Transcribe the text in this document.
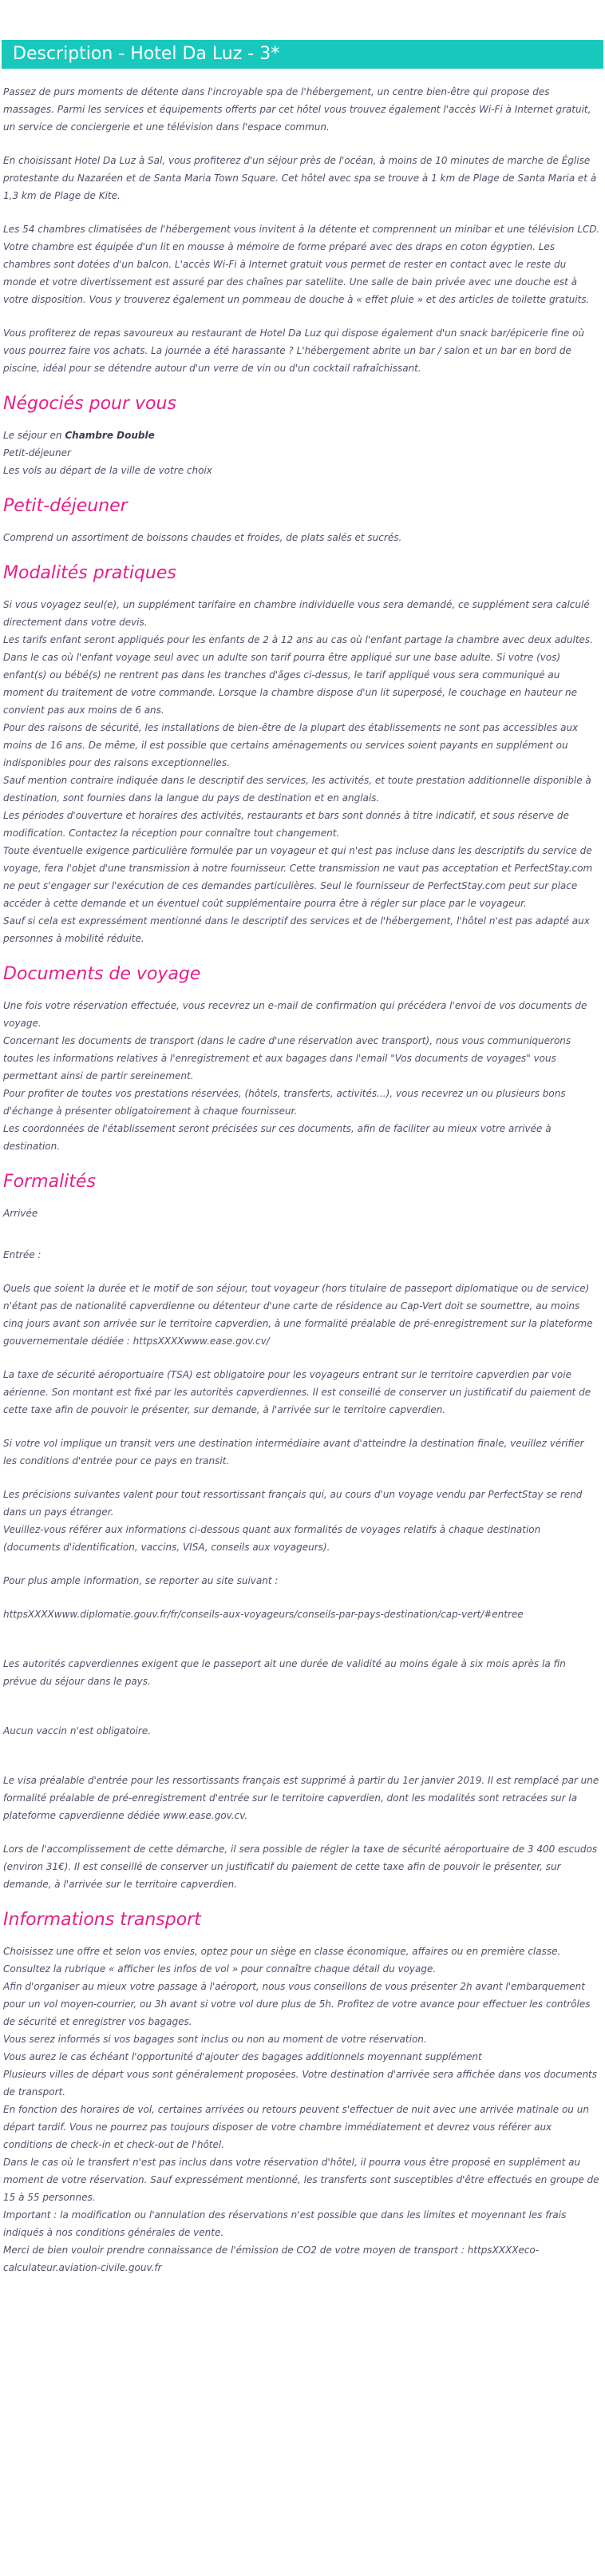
Description - Hotel Da Luz - 3*

Passez de purs moments de détente dans l'incroyable spa de l'hébergement, un centre bien-être qui propose des massages. Parmi les services et équipements offerts par cet hôtel vous trouvez également l'accès Wi-Fi à Internet gratuit, un service de conciergerie et une télévision dans l'espace commun.

En choisissant Hotel Da Luz à Sal, vous profiterez d'un séjour près de l'océan, à moins de 10 minutes de marche de Église protestante du Nazaréen et de Santa Maria Town Square. Cet hôtel avec spa se trouve à 1 km de Plage de Santa Maria et à 1,3 km de Plage de Kite.

Les 54 chambres climatisées de l'hébergement vous invitent à la détente et comprennent un minibar et une télévision LCD. Votre chambre est équipée d'un lit en mousse à mémoire de forme préparé avec des draps en coton égyptien. Les chambres sont dotées d'un balcon. L'accès Wi-Fi à Internet gratuit vous permet de rester en contact avec le reste du monde et votre divertissement est assuré par des chaînes par satellite. Une salle de bain privée avec une douche est à votre disposition. Vous y trouverez également un pommeau de douche à « effet pluie » et des articles de toilette gratuits.

Vous profiterez de repas savoureux au restaurant de Hotel Da Luz qui dispose également d'un snack bar/épicerie fine où vous pourrez faire vos achats. La journée a été harassante ? L'hébergement abrite un bar / salon et un bar en bord de piscine, idéal pour se détendre autour d'un verre de vin ou d'un cocktail rafraîchissant.

Négociés pour vous

Le séjour en Chambre Double

Petit-déjeuner

Les vols au départ de la ville de votre choix

Petit-déjeuner

Comprend un assortiment de boissons chaudes et froides, de plats salés et sucrés.

Modalités pratiques

Si vous voyagez seul(e), un supplément tarifaire en chambre individuelle vous sera demandé, ce supplément sera calculé directement dans votre devis.

Les tarifs enfant seront appliqués pour les enfants de 2 à 12 ans au cas où l'enfant partage la chambre avec deux adultes. Dans le cas où l'enfant voyage seul avec un adulte son tarif pourra être appliqué sur une base adulte. Si votre (vos) enfant(s) ou bébé(s) ne rentrent pas dans les tranches d'âges ci-dessus, le tarif appliqué vous sera communiqué au moment du traitement de votre commande. Lorsque la chambre dispose d'un lit superposé, le couchage en hauteur ne convient pas aux moins de 6 ans.

Pour des raisons de sécurité, les installations de bien-être de la plupart des établissements ne sont pas accessibles aux moins de 16 ans. De même, il est possible que certains aménagements ou services soient payants en supplément ou indisponibles pour des raisons exceptionnelles.

Sauf mention contraire indiquée dans le descriptif des services, les activités, et toute prestation additionnelle disponible à destination, sont fournies dans la langue du pays de destination et en anglais.

Les périodes d'ouverture et horaires des activités, restaurants et bars sont donnés à titre indicatif, et sous réserve de modification. Contactez la réception pour connaître tout changement.

Toute éventuelle exigence particulière formulée par un voyageur et qui n'est pas incluse dans les descriptifs du service de voyage, fera l'objet d'une transmission à notre fournisseur. Cette transmission ne vaut pas acceptation et PerfectStay.com ne peut s'engager sur l'exécution de ces demandes particulières. Seul le fournisseur de PerfectStay.com peut sur place accéder à cette demande et un éventuel coût supplémentaire pourra être à régler sur place par le voyageur.

Sauf si cela est expressément mentionné dans le descriptif des services et de l'hébergement, l'hôtel n'est pas adapté aux personnes à mobilité réduite.

Documents de voyage

Une fois votre réservation effectuée, vous recevrez un e-mail de confirmation qui précédera l'envoi de vos documents de voyage.

Concernant les documents de transport (dans le cadre d'une réservation avec transport), nous vous communiquerons toutes les informations relatives à l'enregistrement et aux bagages dans l'email "Vos documents de voyages" vous permettant ainsi de partir sereinement.

Pour profiter de toutes vos prestations réservées, (hôtels, transferts, activités...), vous recevrez un ou plusieurs bons d'échange à présenter obligatoirement à chaque fournisseur.

Les coordonnées de l'établissement seront précisées sur ces documents, afin de faciliter au mieux votre arrivée à destination.

Formalités

Arrivée

Entrée :

Quels que soient la durée et le motif de son séjour, tout voyageur (hors titulaire de passeport diplomatique ou de service) n'étant pas de nationalité capverdienne ou détenteur d'une carte de résidence au Cap-Vert doit se soumettre, au moins cinq jours avant son arrivée sur le territoire capverdien, à une formalité préalable de pré-enregistrement sur la plateforme gouvernementale dédiée : httpsXXXXwww.ease.gov.cv/

La taxe de sécurité aéroportuaire (TSA) est obligatoire pour les voyageurs entrant sur le territoire capverdien par voie aérienne. Son montant est fixé par les autorités capverdiennes. Il est conseillé de conserver un justificatif du paiement de cette taxe afin de pouvoir le présenter, sur demande, à l'arrivée sur le territoire capverdien.

Si votre vol implique un transit vers une destination intermédiaire avant d'atteindre la destination finale, veuillez vérifier les conditions d'entrée pour ce pays en transit.

Les précisions suivantes valent pour tout ressortissant français qui, au cours d'un voyage vendu par PerfectStay se rend dans un pays étranger.

Veuillez-vous référer aux informations ci-dessous quant aux formalités de voyages relatifs à chaque destination (documents d'identification, vaccins, VISA, conseils aux voyageurs).

Pour plus ample information, se reporter au site suivant :

httpsXXXXwww.diplomatie.gouv.fr/fr/conseils-aux-voyageurs/conseils-par-pays-destination/cap-vert/#entree

Les autorités capverdiennes exigent que le passeport ait une durée de validité au moins égale à six mois après la fin prévue du séjour dans le pays.

Aucun vaccin n'est obligatoire.

Le visa préalable d'entrée pour les ressortissants français est supprimé à partir du 1er janvier 2019. Il est remplacé par une formalité préalable de pré-enregistrement d'entrée sur le territoire capverdien, dont les modalités sont retracées sur la plateforme capverdienne dédiée www.ease.gov.cv.

Lors de l'accomplissement de cette démarche, il sera possible de régler la taxe de sécurité aéroportuaire de 3 400 escudos (environ 31€). Il est conseillé de conserver un justificatif du paiement de cette taxe afin de pouvoir le présenter, sur demande, à l'arrivée sur le territoire capverdien.

Informations transport

Choisissez une offre et selon vos envies, optez pour un siège en classe économique, affaires ou en première classe.

Consultez la rubrique « afficher les infos de vol » pour connaître chaque détail du voyage.

Afin d'organiser au mieux votre passage à l'aéroport, nous vous conseillons de vous présenter 2h avant l'embarquement pour un vol moyen-courrier, ou 3h avant si votre vol dure plus de 5h. Profitez de votre avance pour effectuer les contrôles de sécurité et enregistrer vos bagages.

Vous serez informés si vos bagages sont inclus ou non au moment de votre réservation.

Vous aurez le cas échéant l'opportunité d'ajouter des bagages additionnels moyennant supplément

Plusieurs villes de départ vous sont généralement proposées. Votre destination d'arrivée sera affichée dans vos documents de transport.

En fonction des horaires de vol, certaines arrivées ou retours peuvent s'effectuer de nuit avec une arrivée matinale ou un départ tardif. Vous ne pourrez pas toujours disposer de votre chambre immédiatement et devrez vous référer aux conditions de check-in et check-out de l'hôtel.

Dans le cas où le transfert n'est pas inclus dans votre réservation d'hôtel, il pourra vous être proposé en supplément au moment de votre réservation. Sauf expressément mentionné, les transferts sont susceptibles d'être effectués en groupe de 15 à 55 personnes.

Important : la modification ou l'annulation des réservations n'est possible que dans les limites et moyennant les frais indiqués à nos conditions générales de vente.

Merci de bien vouloir prendre connaissance de l'émission de CO2 de votre moyen de transport : httpsXXXXeco-calculateur.aviation-civile.gouv.fr
